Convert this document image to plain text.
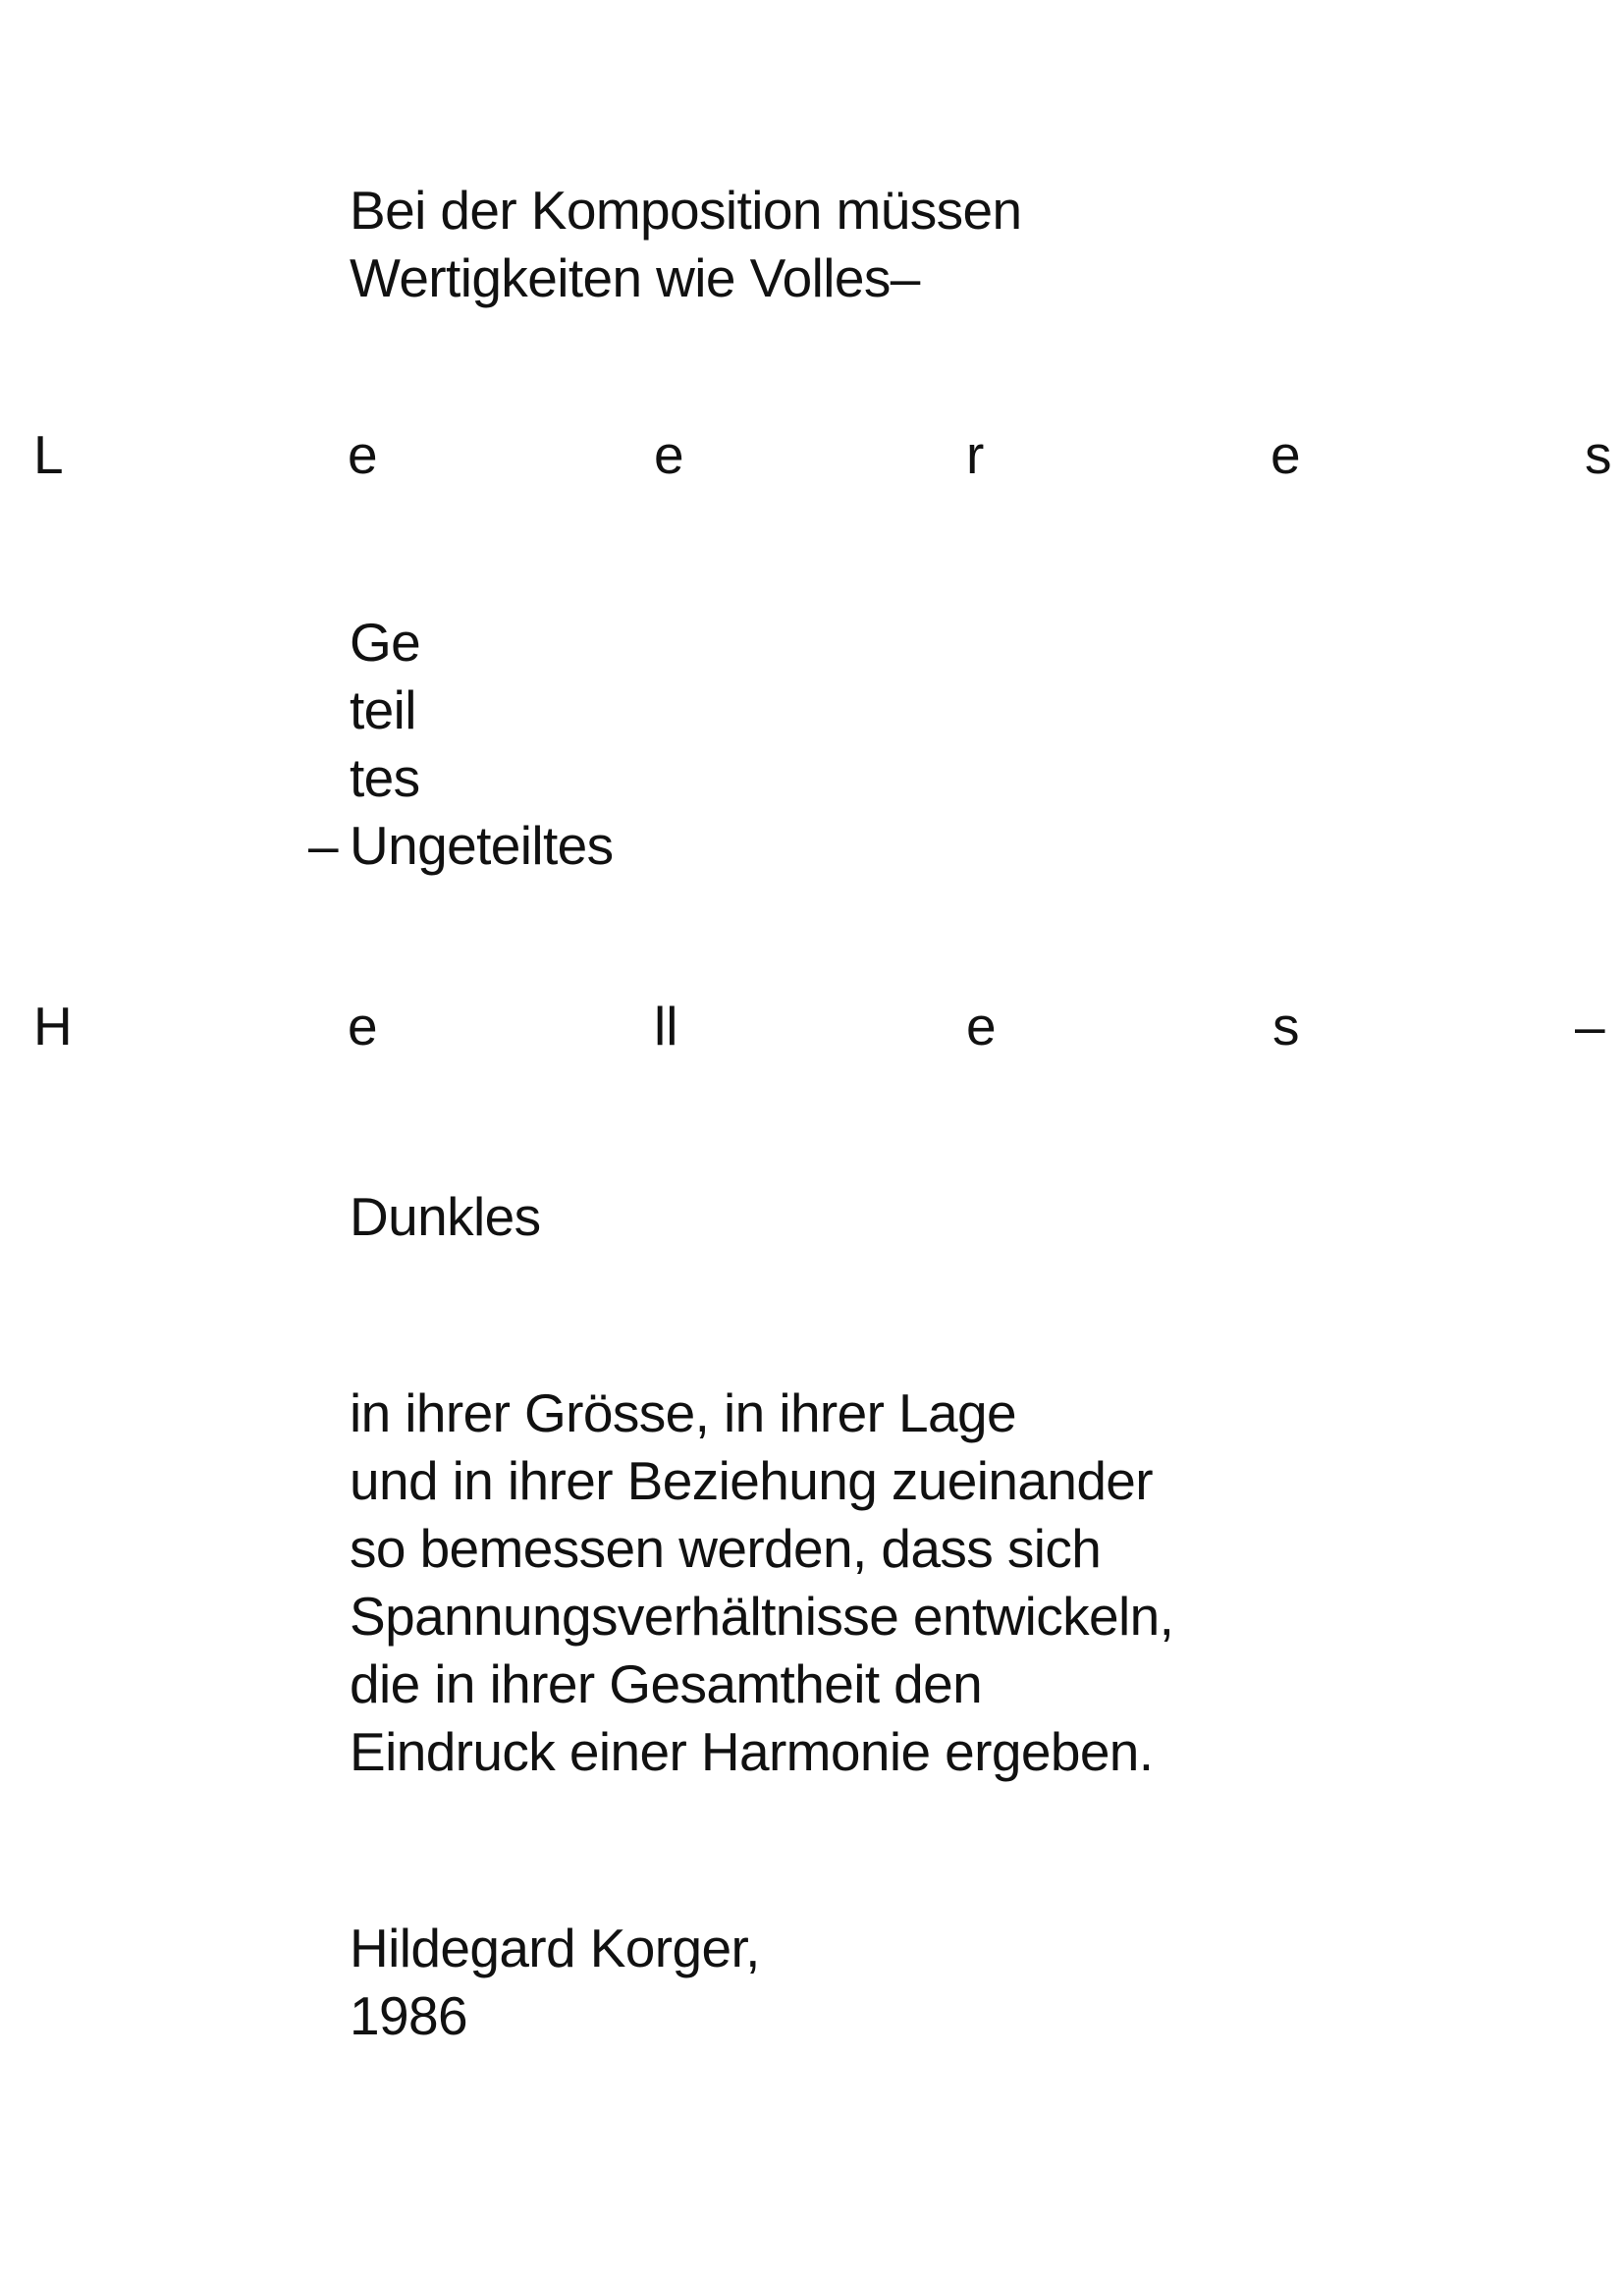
Bei der Komposition müssen
Wertigkeiten wie Volles–
L	e	e	r	e	s
Ge
teil
tes
Ungeteiltes
–
H	e	ll	e	s	–
Dunkles
in ihrer Grösse, in ihrer Lage
und in ihrer Beziehung zueinander
so bemessen werden, dass sich
Spannungsverhältnisse entwickeln,
die in ihrer Gesamtheit den
Eindruck einer Harmonie ergeben.
Hildegard Korger,
1986
